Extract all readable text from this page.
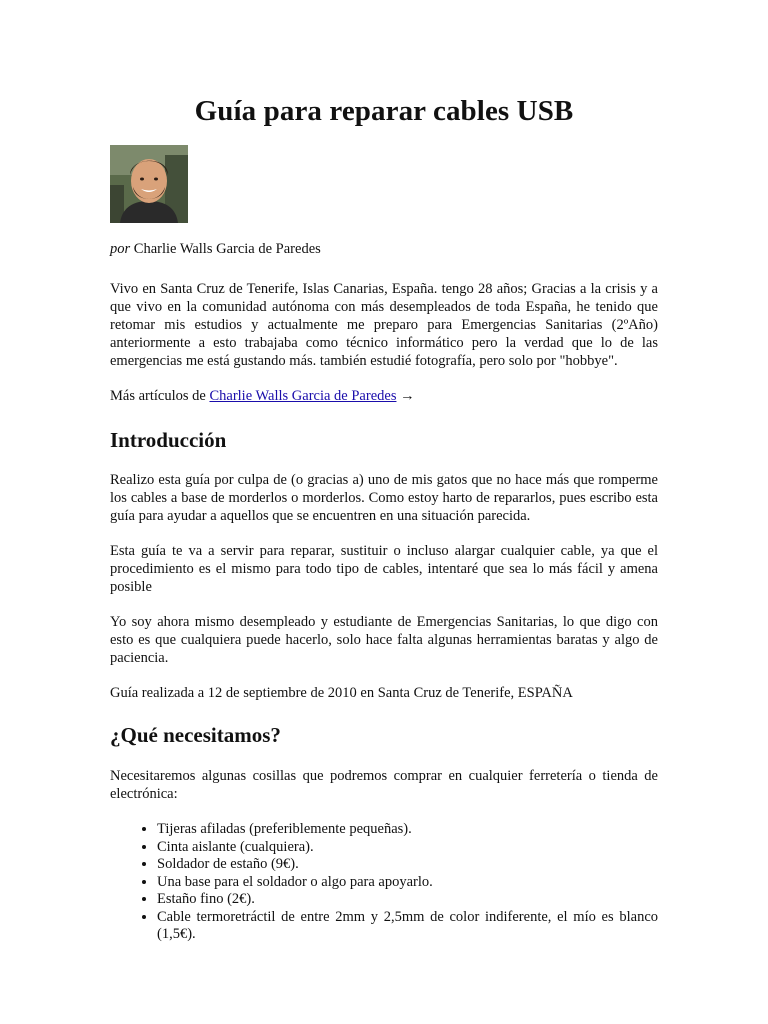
Guía para reparar cables USB

por Charlie Walls Garcia de Paredes

Vivo en Santa Cruz de Tenerife, Islas Canarias, España. tengo 28 años; Gracias a la crisis y a que vivo en la comunidad autónoma con más desempleados de toda España, he tenido que retomar mis estudios y actualmente me preparo para Emergencias Sanitarias (2ºAño) anteriormente a esto trabajaba como técnico informático pero la verdad que lo de las emergencias me está gustando más. también estudié fotografía, pero solo por "hobbye".

Más artículos de Charlie Walls Garcia de Paredes →

Introducción

Realizo esta guía por culpa de (o gracias a) uno de mis gatos que no hace más que romperme los cables a base de morderlos o morderlos. Como estoy harto de repararlos, pues escribo esta guía para ayudar a aquellos que se encuentren en una situación parecida.

Esta guía te va a servir para reparar, sustituir o incluso alargar cualquier cable, ya que el procedimiento es el mismo para todo tipo de cables, intentaré que sea lo más fácil y amena posible

Yo soy ahora mismo desempleado y estudiante de Emergencias Sanitarias, lo que digo con esto es que cualquiera puede hacerlo, solo hace falta algunas herramientas baratas y algo de paciencia.

Guía realizada a 12 de septiembre de 2010 en Santa Cruz de Tenerife, ESPAÑA

¿Qué necesitamos?

Necesitaremos algunas cosillas que podremos comprar en cualquier ferretería o tienda de electrónica:

• Tijeras afiladas (preferiblemente pequeñas).
• Cinta aislante (cualquiera).
• Soldador de estaño (9€).
• Una base para el soldador o algo para apoyarlo.
• Estaño fino (2€).
• Cable termoretráctil de entre 2mm y 2,5mm de color indiferente, el mío es blanco (1,5€).
